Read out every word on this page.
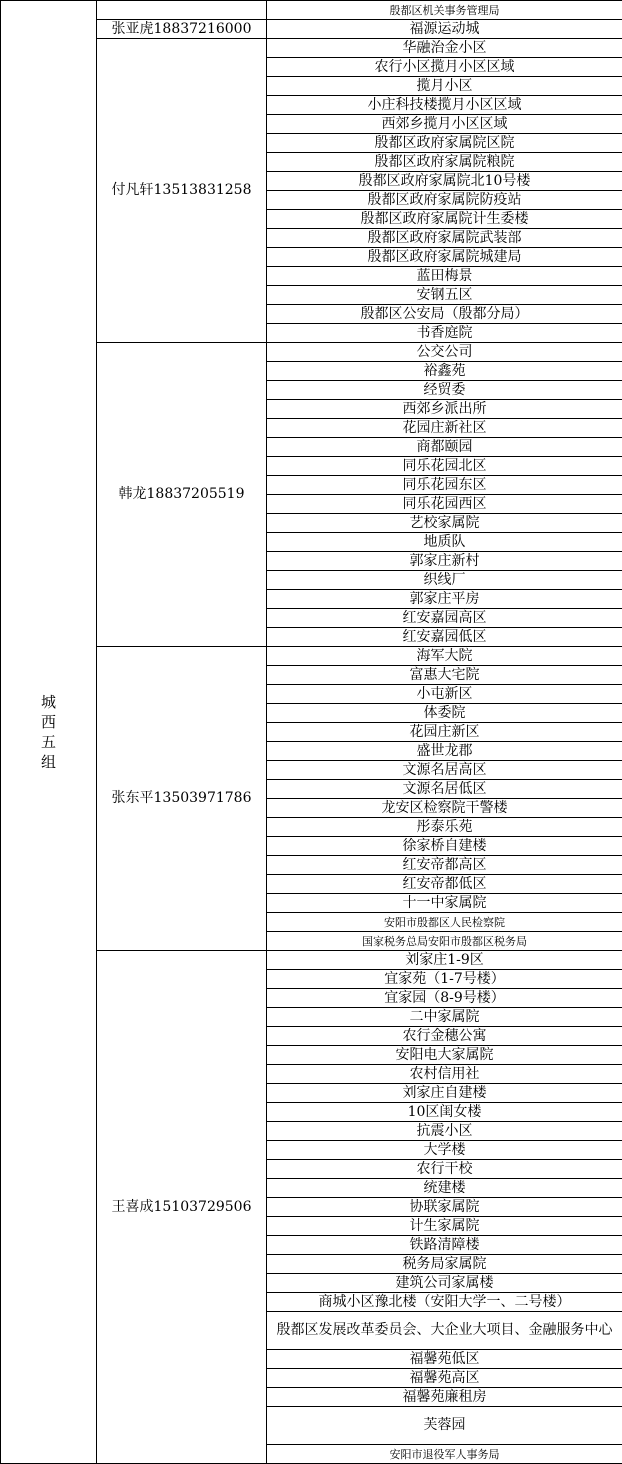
城西五组		殷都区机关事务管理局
	张亚虎18837216000	福源运动城
	付凡轩13513831258	华融治金小区
		农行小区揽月小区区域
		揽月小区
		小庄科技楼揽月小区区域
		西郊乡揽月小区区域
		殷都区政府家属院区院
		殷都区政府家属院粮院
		殷都区政府家属院北10号楼
		殷都区政府家属院防疫站
		殷都区政府家属院计生委楼
		殷都区政府家属院武装部
		殷都区政府家属院城建局
		蓝田梅景
		安钢五区
		殷都区公安局（殷都分局）
		书香庭院
	韩龙18837205519	公交公司
		裕鑫苑
		经贸委
		西郊乡派出所
		花园庄新社区
		商都颐园
		同乐花园北区
		同乐花园东区
		同乐花园西区
		艺校家属院
		地质队
		郭家庄新村
		织线厂
		郭家庄平房
		红安嘉园高区
		红安嘉园低区
	张东平13503971786	海军大院
		富惠大宅院
		小屯新区
		体委院
		花园庄新区
		盛世龙郡
		文源名居高区
		文源名居低区
		龙安区检察院干警楼
		彤泰乐苑
		徐家桥自建楼
		红安帝都高区
		红安帝都低区
		十一中家属院
		安阳市殷都区人民检察院
		国家税务总局安阳市殷都区税务局
	王喜成15103729506	刘家庄1-9区
		宜家苑（1-7号楼）
		宜家园（8-9号楼）
		二中家属院
		农行金穗公寓
		安阳电大家属院
		农村信用社
		刘家庄自建楼
		10区闺女楼
		抗震小区
		大学楼
		农行干校
		统建楼
		协联家属院
		计生家属院
		铁路清障楼
		税务局家属院
		建筑公司家属楼
		商城小区豫北楼（安阳大学一、二号楼）
		殷都区发展改革委员会、大企业大项目、金融服务中心
		福馨苑低区
		福馨苑高区
		福馨苑廉租房
		芙蓉园
		安阳市退役军人事务局
